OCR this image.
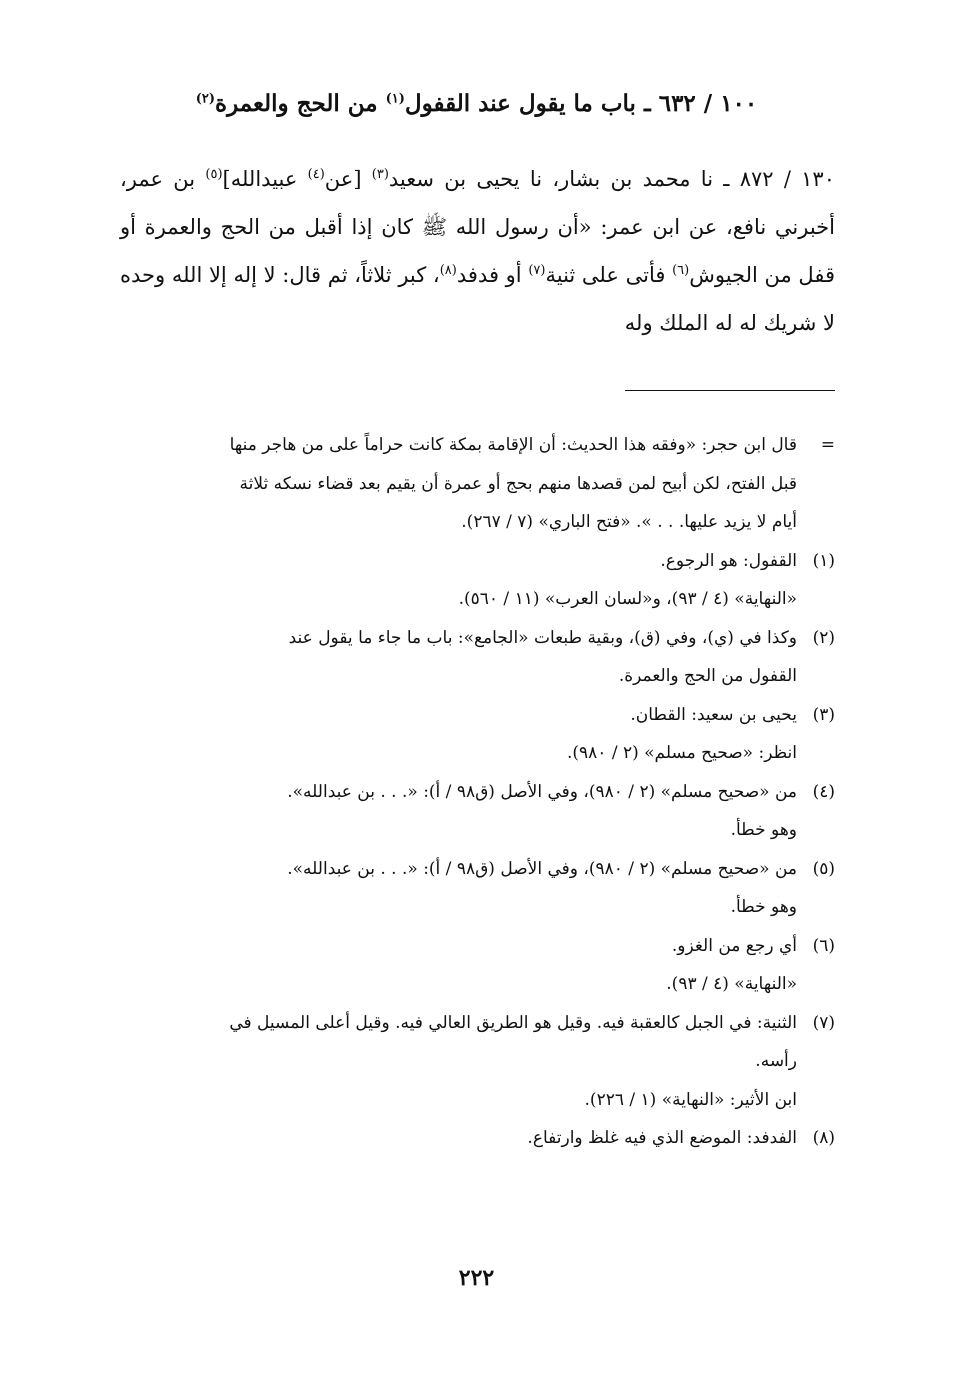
١٠٠ / ٦٣٢ ـ باب ما يقول عند القفول$^{(١)}$ من الحج والعمرة$^{(٢)}$

١٣٠ / ٨٧٢ ـ نا محمد بن بشار، نا يحيى بن سعيد$^{(٣)}$ [عن$^{(٤)}$ عبيدالله]$^{(٥)}$ بن عمر، أخبرني نافع، عن ابن عمر: «أن رسول الله ﷺ كان إذا أقبل من الحج والعمرة أو قفل من الجيوش$^{(٦)}$ فأتى على ثنية$^{(٧)}$ أو فدفد$^{(٨)}$، كبر ثلاثاً، ثم قال: لا إله إلا الله وحده لا شريك له له الملك وله

=
قال ابن حجر: «وفقه هذا الحديث: أن الإقامة بمكة كانت حراماً على من هاجر منها
قبل الفتح، لكن أبيح لمن قصدها منهم بحج أو عمرة أن يقيم بعد قضاء نسكه ثلاثة
أيام لا يزيد عليها. . . ». «فتح الباري» (٧ / ٢٦٧).
(١)
القفول: هو الرجوع.
«النهاية» (٤ / ٩٣)، و«لسان العرب» (١١ / ٥٦٠).
(٢)
وكذا في (ي)، وفي (ق)، وبقية طبعات «الجامع»: باب ما جاء ما يقول عند
القفول من الحج والعمرة.
(٣)
يحيى بن سعيد: القطان.
انظر: «صحيح مسلم» (٢ / ٩٨٠).
(٤)
من «صحيح مسلم» (٢ / ٩٨٠)، وفي الأصل (ق٩٨ / أ): «. . . بن عبدالله».
وهو خطأ.
(٥)
من «صحيح مسلم» (٢ / ٩٨٠)، وفي الأصل (ق٩٨ / أ): «. . . بن عبدالله».
وهو خطأ.
(٦)
أي رجع من الغزو.
«النهاية» (٤ / ٩٣).
(٧)
الثنية: في الجبل كالعقبة فيه. وقيل هو الطريق العالي فيه. وقيل أعلى المسيل في
رأسه.
ابن الأثير: «النهاية» (١ / ٢٢٦).
(٨)
الفدفد: الموضع الذي فيه غلظ وارتفاع.
٢٢٢
